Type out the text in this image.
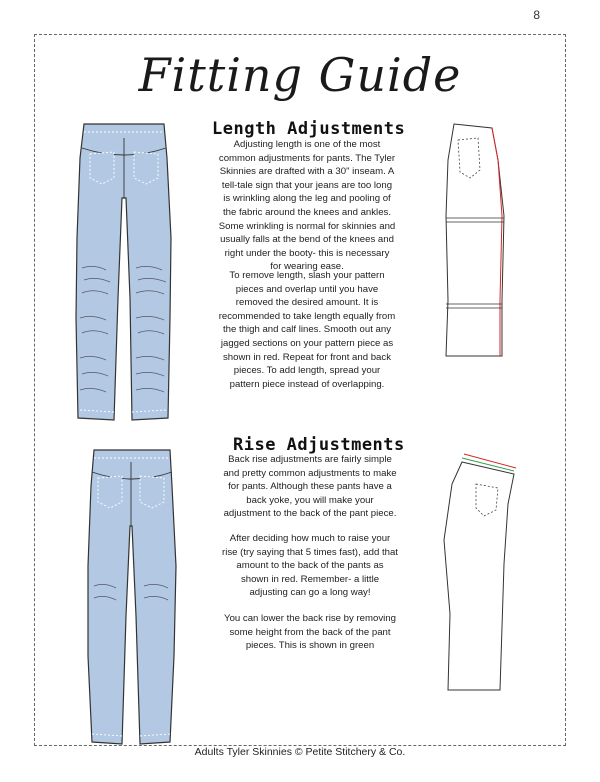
8
Fitting Guide
Length Adjustments
Adjusting length is one of the most common adjustments for pants. The Tyler Skinnies are drafted with a 30" inseam. A tell-tale sign that your jeans are too long is wrinkling along the leg and pooling of the fabric around the knees and ankles. Some wrinkling is normal for skinnies and usually falls at the bend of the knees and right under the booty- this is necessary for wearing ease.
To remove length, slash your pattern pieces and overlap until you have removed the desired amount. It is recommended to take length equally from the thigh and calf lines. Smooth out any jagged sections on your pattern piece as shown in red. Repeat for front and back pieces. To add length, spread your pattern piece instead of overlapping.
Rise Adjustments
Back rise adjustments are fairly simple and pretty common adjustments to make for pants. Although these pants have a back yoke, you will make your adjustment to the back of the pant piece.
After deciding how much to raise your rise (try saying that 5 times fast), add that amount to the back of the pants as shown in red. Remember- a little adjusting can go a long way!
You can lower the back rise by removing some height from the back of the pant pieces. This is shown in green
Adults Tyler Skinnies © Petite Stitchery & Co.
